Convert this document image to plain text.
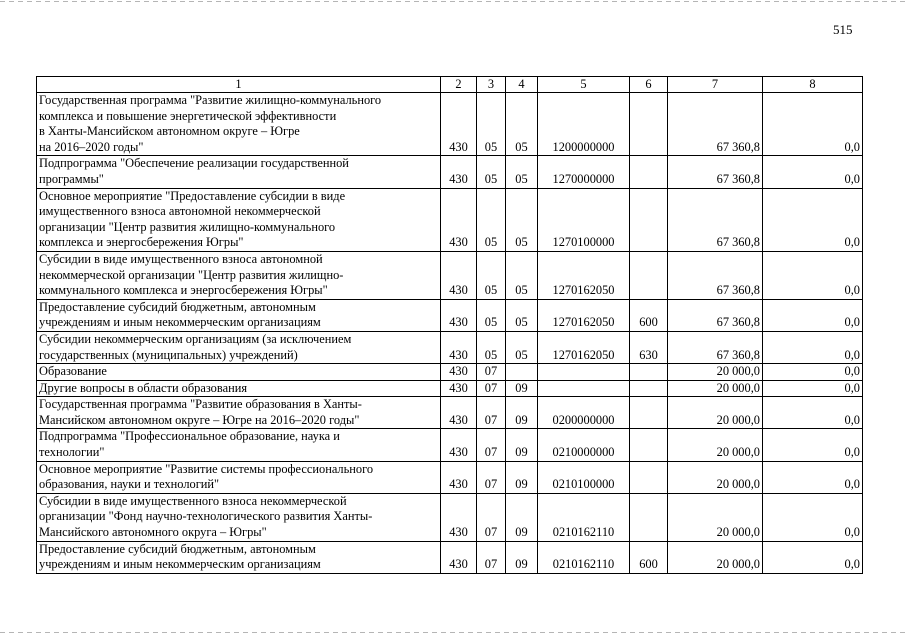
515
1	2	3	4	5	6	7	8

Государственная программа "Развитие жилищно-коммунального
комплекса и повышение энергетической эффективности
в Ханты-Мансийском автономном округе – Югре
на 2016–2020 годы"	430	05	05	1200000000		67 360,8	0,0

Подпрограмма "Обеспечение реализации государственной
программы"	430	05	05	1270000000		67 360,8	0,0

Основное мероприятие "Предоставление субсидии в виде
имущественного взноса автономной некоммерческой
организации "Центр развития жилищно-коммунального
комплекса и энергосбережения Югры"	430	05	05	1270100000		67 360,8	0,0

Субсидии в виде имущественного взноса автономной
некоммерческой организации "Центр развития жилищно-
коммунального комплекса и энергосбережения Югры"	430	05	05	1270162050		67 360,8	0,0

Предоставление субсидий бюджетным, автономным
учреждениям и иным некоммерческим организациям	430	05	05	1270162050	600	67 360,8	0,0

Субсидии некоммерческим организациям (за исключением
государственных (муниципальных) учреждений)	430	05	05	1270162050	630	67 360,8	0,0

Образование	430	07				20 000,0	0,0

Другие вопросы в области образования	430	07	09			20 000,0	0,0

Государственная программа "Развитие образования в Ханты-
Мансийском автономном округе – Югре на 2016–2020 годы"	430	07	09	0200000000		20 000,0	0,0

Подпрограмма "Профессиональное образование, наука и
технологии"	430	07	09	0210000000		20 000,0	0,0

Основное мероприятие "Развитие системы профессионального
образования, науки и технологий"	430	07	09	0210100000		20 000,0	0,0

Субсидии в виде имущественного взноса некоммерческой
организации "Фонд научно-технологического развития Ханты-
Мансийского автономного округа – Югры"	430	07	09	0210162110		20 000,0	0,0

Предоставление субсидий бюджетным, автономным
учреждениям и иным некоммерческим организациям	430	07	09	0210162110	600	20 000,0	0,0
